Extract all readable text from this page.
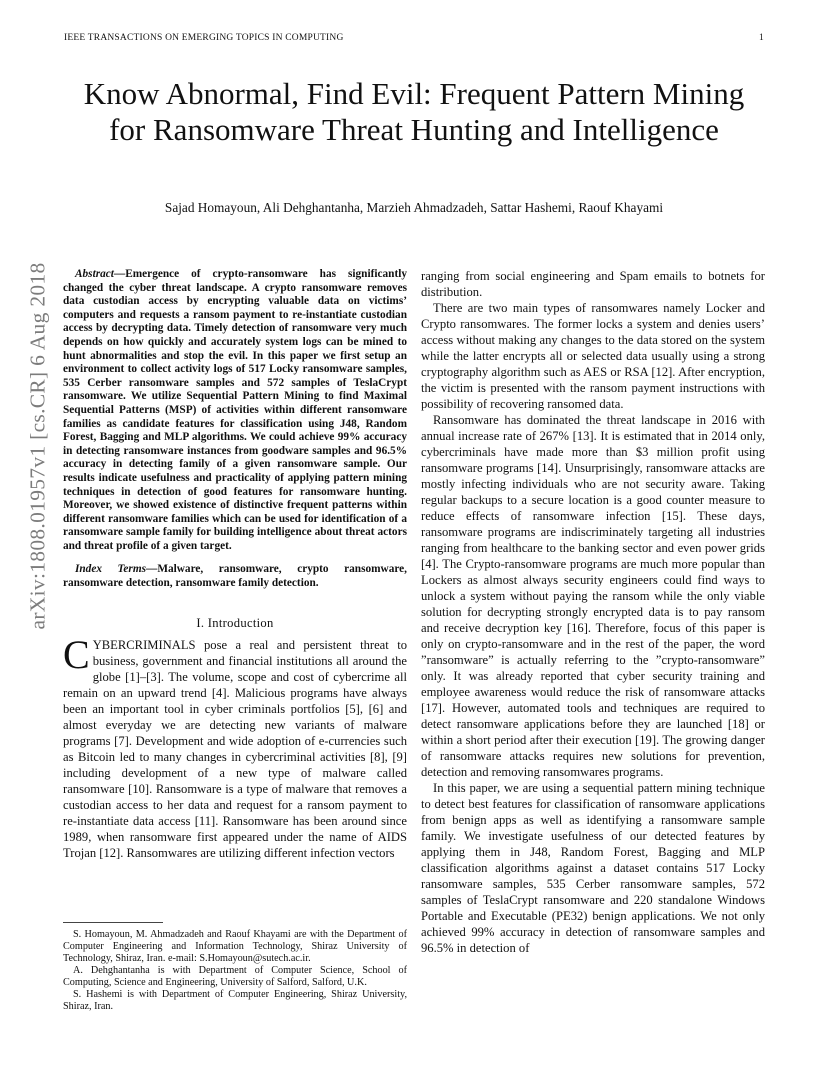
IEEE TRANSACTIONS ON EMERGING TOPICS IN COMPUTING	1
arXiv:1808.01957v1 [cs.CR] 6 Aug 2018
Know Abnormal, Find Evil: Frequent Pattern Mining for Ransomware Threat Hunting and Intelligence
Sajad Homayoun, Ali Dehghantanha, Marzieh Ahmadzadeh, Sattar Hashemi, Raouf Khayami

Abstract—Emergence of crypto-ransomware has significantly changed the cyber threat landscape. A crypto ransomware removes data custodian access by encrypting valuable data on victims’ computers and requests a ransom payment to re-instantiate custodian access by decrypting data. Timely detection of ransomware very much depends on how quickly and accurately system logs can be mined to hunt abnormalities and stop the evil. In this paper we first setup an environment to collect activity logs of 517 Locky ransomware samples, 535 Cerber ransomware samples and 572 samples of TeslaCrypt ransomware. We utilize Sequential Pattern Mining to find Maximal Sequential Patterns (MSP) of activities within different ransomware families as candidate features for classification using J48, Random Forest, Bagging and MLP algorithms. We could achieve 99% accuracy in detecting ransomware instances from goodware samples and 96.5% accuracy in detecting family of a given ransomware sample. Our results indicate usefulness and practicality of applying pattern mining techniques in detection of good features for ransomware hunting. Moreover, we showed existence of distinctive frequent patterns within different ransomware families which can be used for identification of a ransomware sample family for building intelligence about threat actors and threat profile of a given target.

Index Terms—Malware, ransomware, crypto ransomware, ransomware detection, ransomware family detection.

I. Introduction

CYBERCRIMINALS pose a real and persistent threat to business, government and financial institutions all around the globe [1]–[3]. The volume, scope and cost of cybercrime all remain on an upward trend [4]. Malicious programs have always been an important tool in cyber criminals portfolios [5], [6] and almost everyday we are detecting new variants of malware programs [7]. Development and wide adoption of e-currencies such as Bitcoin led to many changes in cybercriminal activities [8], [9] including development of a new type of malware called ransomware [10]. Ransomware is a type of malware that removes a custodian access to her data and request for a ransom payment to re-instantiate data access [11]. Ransomware has been around since 1989, when ransomware first appeared under the name of AIDS Trojan [12]. Ransomwares are utilizing different infection vectors

S. Homayoun, M. Ahmadzadeh and Raouf Khayami are with the Department of Computer Engineering and Information Technology, Shiraz University of Technology, Shiraz, Iran. e-mail: S.Homayoun@sutech.ac.ir.

A. Dehghantanha is with Department of Computer Science, School of Computing, Science and Engineering, University of Salford, Salford, U.K.

S. Hashemi is with Department of Computer Engineering, Shiraz University, Shiraz, Iran.

ranging from social engineering and Spam emails to botnets for distribution.

There are two main types of ransomwares namely Locker and Crypto ransomwares. The former locks a system and denies users’ access without making any changes to the data stored on the system while the latter encrypts all or selected data usually using a strong cryptography algorithm such as AES or RSA [12]. After encryption, the victim is presented with the ransom payment instructions with possibility of recovering ransomed data.

Ransomware has dominated the threat landscape in 2016 with annual increase rate of 267% [13]. It is estimated that in 2014 only, cybercriminals have made more than $3 million profit using ransomware programs [14]. Unsurprisingly, ransomware attacks are mostly infecting individuals who are not security aware. Taking regular backups to a secure location is a good counter measure to reduce effects of ransomware infection [15]. These days, ransomware programs are indiscriminately targeting all industries ranging from healthcare to the banking sector and even power grids [4]. The Crypto-ransomware programs are much more popular than Lockers as almost always security engineers could find ways to unlock a system without paying the ransom while the only viable solution for decrypting strongly encrypted data is to pay ransom and receive decryption key [16]. Therefore, focus of this paper is only on crypto-ransomware and in the rest of the paper, the word ”ransomware” is actually referring to the ”crypto-ransomware” only. It was already reported that cyber security training and employee awareness would reduce the risk of ransomware attacks [17]. However, automated tools and techniques are required to detect ransomware applications before they are launched [18] or within a short period after their execution [19]. The growing danger of ransomware attacks requires new solutions for prevention, detection and removing ransomwares programs.

In this paper, we are using a sequential pattern mining technique to detect best features for classification of ransomware applications from benign apps as well as identifying a ransomware sample family. We investigate usefulness of our detected features by applying them in J48, Random Forest, Bagging and MLP classification algorithms against a dataset contains 517 Locky ransomware samples, 535 Cerber ransomware samples, 572 samples of TeslaCrypt ransomware and 220 standalone Windows Portable and Executable (PE32) benign applications. We not only achieved 99% accuracy in detection of ransomware samples and 96.5% in detection of
